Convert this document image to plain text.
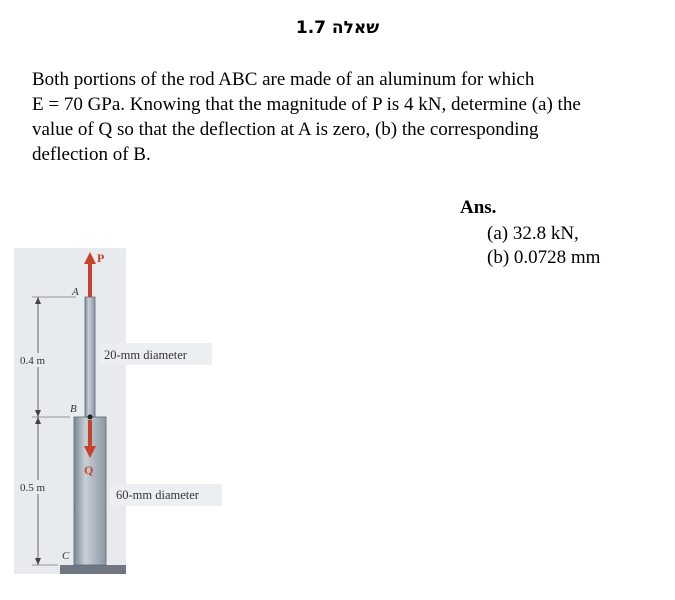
שאלה 1.7
Both portions of the rod ABC are made of an aluminum for which
E = 70 GPa. Knowing that the magnitude of P is 4 kN, determine (a) the
value of Q so that the deflection at A is zero, (b) the corresponding
deflection of B.
Ans.
(a) 32.8 kN,
(b) 0.0728 mm
P
Q
A
B
C
0.4 m
0.5 m
20-mm diameter
60-mm diameter
